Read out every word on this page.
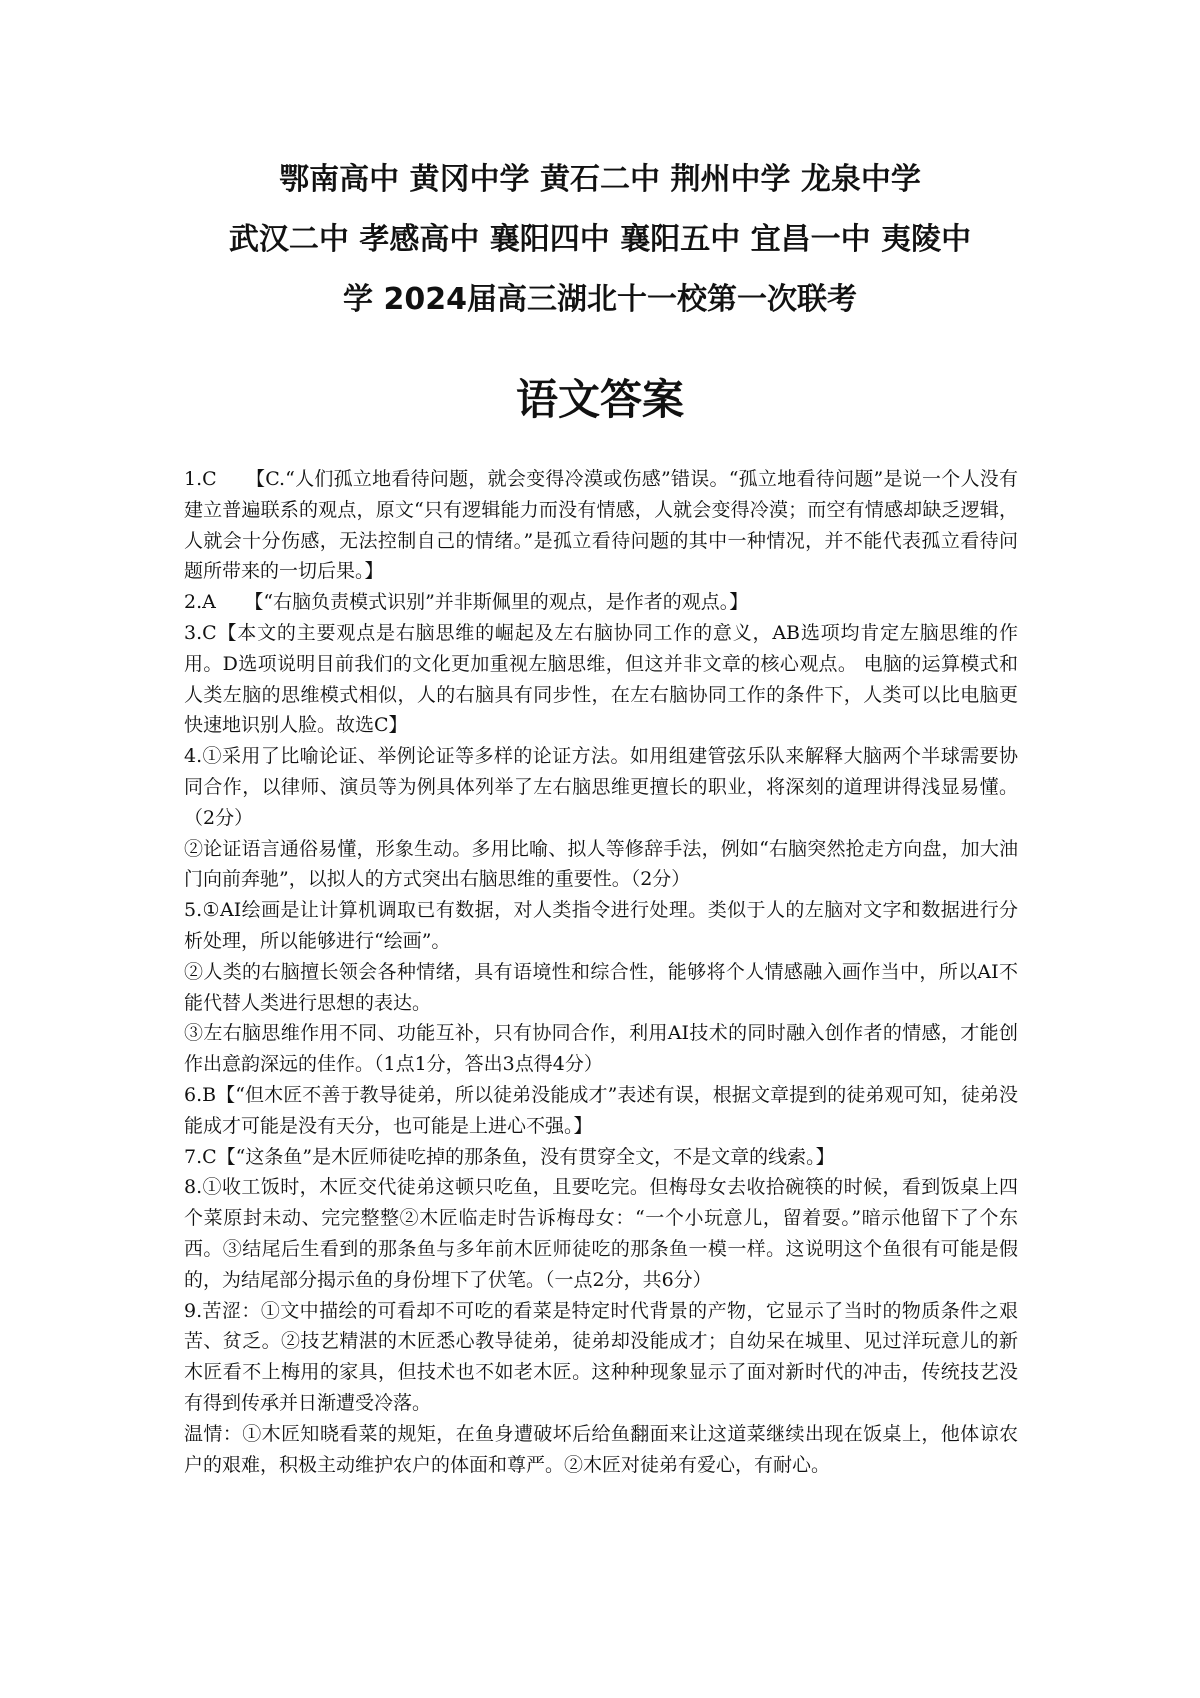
鄂南高中 黄冈中学 黄石二中 荆州中学 龙泉中学
武汉二中 孝感高中 襄阳四中 襄阳五中 宜昌一中 夷陵中
学 2024届高三湖北十一校第一次联考
语文答案

1.C　　【C.“人们孤立地看待问题，就会变得冷漠或伤感”错误。“孤立地看待问题”是说一个人没有建立普遍联系的观点，原文“只有逻辑能力而没有情感，人就会变得冷漠；而空有情感却缺乏逻辑，人就会十分伤感，无法控制自己的情绪。”是孤立看待问题的其中一种情况，并不能代表孤立看待问题所带来的一切后果。】

2.A　　【“右脑负责模式识别”并非斯佩里的观点，是作者的观点。】

3.C【本文的主要观点是右脑思维的崛起及左右脑协同工作的意义，AB选项均肯定左脑思维的作用。D选项说明目前我们的文化更加重视左脑思维，但这并非文章的核心观点。 电脑的运算模式和人类左脑的思维模式相似，人的右脑具有同步性，在左右脑协同工作的条件下，人类可以比电脑更快速地识别人脸。故选C】

4.①采用了比喻论证、举例论证等多样的论证方法。如用组建管弦乐队来解释大脑两个半球需要协同合作，以律师、演员等为例具体列举了左右脑思维更擅长的职业，将深刻的道理讲得浅显易懂。（2分）

②论证语言通俗易懂，形象生动。多用比喻、拟人等修辞手法，例如“右脑突然抢走方向盘，加大油门向前奔驰”，以拟人的方式突出右脑思维的重要性。（2分）

5.①AI绘画是让计算机调取已有数据，对人类指令进行处理。类似于人的左脑对文字和数据进行分析处理，所以能够进行“绘画”。

②人类的右脑擅长领会各种情绪，具有语境性和综合性，能够将个人情感融入画作当中，所以AI不能代替人类进行思想的表达。

③左右脑思维作用不同、功能互补，只有协同合作，利用AI技术的同时融入创作者的情感，才能创作出意韵深远的佳作。（1点1分，答出3点得4分）

6.B【“但木匠不善于教导徒弟，所以徒弟没能成才”表述有误，根据文章提到的徒弟观可知，徒弟没能成才可能是没有天分，也可能是上进心不强。】

7.C【“这条鱼”是木匠师徒吃掉的那条鱼，没有贯穿全文，不是文章的线索。】

8.①收工饭时，木匠交代徒弟这顿只吃鱼，且要吃完。但梅母女去收拾碗筷的时候，看到饭桌上四个菜原封未动、完完整整②木匠临走时告诉梅母女：“一个小玩意儿，留着耍。”暗示他留下了个东西。③结尾后生看到的那条鱼与多年前木匠师徒吃的那条鱼一模一样。这说明这个鱼很有可能是假的，为结尾部分揭示鱼的身份埋下了伏笔。（一点2分，共6分）

9.苦涩：①文中描绘的可看却不可吃的看菜是特定时代背景的产物，它显示了当时的物质条件之艰苦、贫乏。②技艺精湛的木匠悉心教导徒弟，徒弟却没能成才；自幼呆在城里、见过洋玩意儿的新木匠看不上梅用的家具，但技术也不如老木匠。这种种现象显示了面对新时代的冲击，传统技艺没有得到传承并日渐遭受冷落。

温情：①木匠知晓看菜的规矩，在鱼身遭破坏后给鱼翻面来让这道菜继续出现在饭桌上，他体谅农户的艰难，积极主动维护农户的体面和尊严。②木匠对徒弟有爱心，有耐心。
